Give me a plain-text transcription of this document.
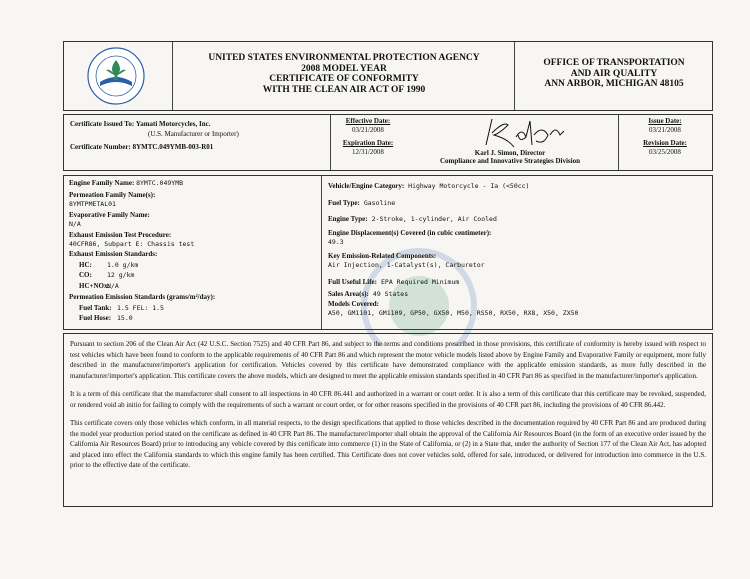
UNITED STATES ENVIRONMENTAL PROTECTION AGENCY
2008 MODEL YEAR
CERTIFICATE OF CONFORMITY
WITH THE CLEAN AIR ACT OF 1990
OFFICE OF TRANSPORTATION
AND AIR QUALITY
ANN ARBOR, MICHIGAN 48105
Certificate Issued To: Yamati Motorcycles, Inc.
(U.S. Manufacturer or Importer)
Certificate Number: 8YMTC.049YMB-003-R01
Effective Date:
03/21/2008
Expiration Date:
12/31/2008	Karl J. Simon, Director
Compliance and Innovative Strategies Division
Issue Date:
03/21/2008
Revision Date:
03/25/2008
Engine Family Name: 8YMTC.049YMB
Permeation Family Name(s):
8YMTPMETAL01
Evaporative Family Name:
N/A
Exhaust Emission Test Procedure:
40CFR86, Subpart E: Chassis test
Exhaust Emission Standards:
HC: 1.0 g/km
CO: 12 g/km
HC+NOx:N/A
Permeation Emission Standards (grams/m²/day):
Fuel Tank: 1.5 FEL: 1.5
Fuel Hose: 15.0
Vehicle/Engine Category: Highway Motorcycle - Ia (<50cc)
Fuel Type: Gasoline
Engine Type: 2-Stroke, 1-cylinder, Air Cooled
Engine Displacement(s) Covered (in cubic centimeter):
49.3
Key Emission-Related Components:
Air Injection, 1-Catalyst(s), Carburetor
Full Useful Life: EPA Required Minimum
Sales Area(s): 49 States
Models Covered:
A50, GM1101, GM1109, GP50, GX50, M50, RS50, RX50, RX8, X50, ZX50

Pursuant to section 206 of the Clean Air Act (42 U.S.C. Section 7525) and 40 CFR Part 86, and subject to the terms and conditions prescribed in those provisions, this certificate of conformity is hereby issued with respect to test vehicles which have been found to conform to the applicable requirements of 40 CFR Part 86 and which represent the motor vehicle models listed above by Engine Family and Evaporative Family or equipment, more fully described in the manufacturer/importer's application for certification. Vehicles covered by this certificate have demonstrated compliance with the applicable emission standards, as more fully described in the manufacturer/importer's application. This certificate covers the above models, which are designed to meet the applicable emission standards specified in 40 CFR Part 86 as specified in the manufacturer/importer's application.

It is a term of this certificate that the manufacturer shall consent to all inspections in 40 CFR 86.441 and authorized in a warrant or court order. It is also a term of this certificate that this certificate may be revoked, suspended, or rendered void ab initio for failing to comply with the requirements of such a warrant or court order, or for other reasons specified in the provisions of 40 CFR part 86, including the provisions of 40 CFR 86.442.

This certificate covers only those vehicles which conform, in all material respects, to the design specifications that applied to those vehicles described in the documentation required by 40 CFR Part 86 and are produced during the model year production period stated on the certificate as defined in 40 CFR Part 86. The manufacturer/importer shall obtain the approval of the California Air Resources Board (in the form of an executive order issued by the California Air Resources Board) prior to introducing any vehicle covered by this certificate into commerce (1) in the State of California, or (2) in a State that, under the authority of Section 177 of the Clean Air Act, has adopted and placed into effect the California standards to which this engine family has been certified. This Certificate does not cover vehicles sold, offered for sale, introduced, or delivered for introduction into commerce in the U.S. prior to the effective date of the certificate.
